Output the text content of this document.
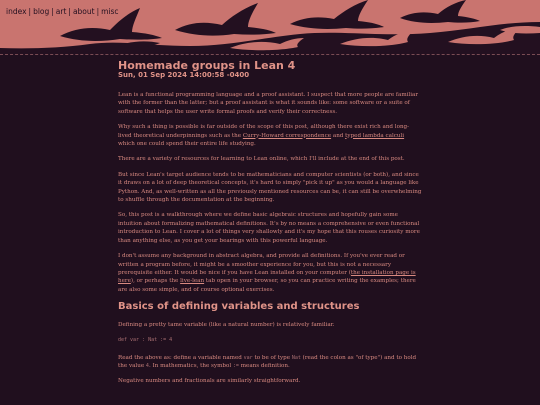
index | blog | art | about | misc
Homemade groups in Lean 4
Sun, 01 Sep 2024 14:00:58 -0400

Lean is a functional programming language and a proof assistant. I suspect that more people are familiar with the former than the latter; but a proof assistant is what it sounds like: some software or a suite of software that helps the user write formal proofs and verify their correctness.

Why such a thing is possible is far outside of the scope of this post, although there exist rich and long-lived theoretical underpinnings such as the Curry-Howard correspondence and typed lambda calculi which one could spend their entire life studying.

There are a variety of resources for learning to Lean online, which I'll include at the end of this post.

But since Lean's target audience tends to be mathematicians and computer scientists (or both), and since it draws on a lot of deep theoretical concepts, it's hard to simply "pick it up" as you would a language like Python. And, as well-written as all the previously mentioned resources can be, it can still be overwhelming to shuffle through the documentation at the beginning.

So, this post is a walkthrough where we define basic algebraic structures and hopefully gain some intuition about formalizing mathematical definitions. It's by no means a comprehensive or even functional introduction to Lean. I cover a lot of things very shallowly and it's my hope that this rouses curiosity more than anything else, as you get your bearings with this powerful language.

I don't assume any background in abstract algebra, and provide all definitions. If you've ever read or written a program before, it might be a smoother experience for you, but this is not a necessary prerequisite either. It would be nice if you have Lean installed on your computer (the installation page is here), or perhaps the live-lean tab open in your browser, so you can practice writing the examples; there are also some simple, and of course optional exercises.

Basics of defining variables and structures

Defining a pretty tame variable (like a natural number) is relatively familiar.

def var : Nat := 4

Read the above as: define a variable named var to be of type Nat (read the colon as "of type") and to hold the value 4. In mathematics, the symbol := means definition.

Negative numbers and fractionals are similarly straightforward.
